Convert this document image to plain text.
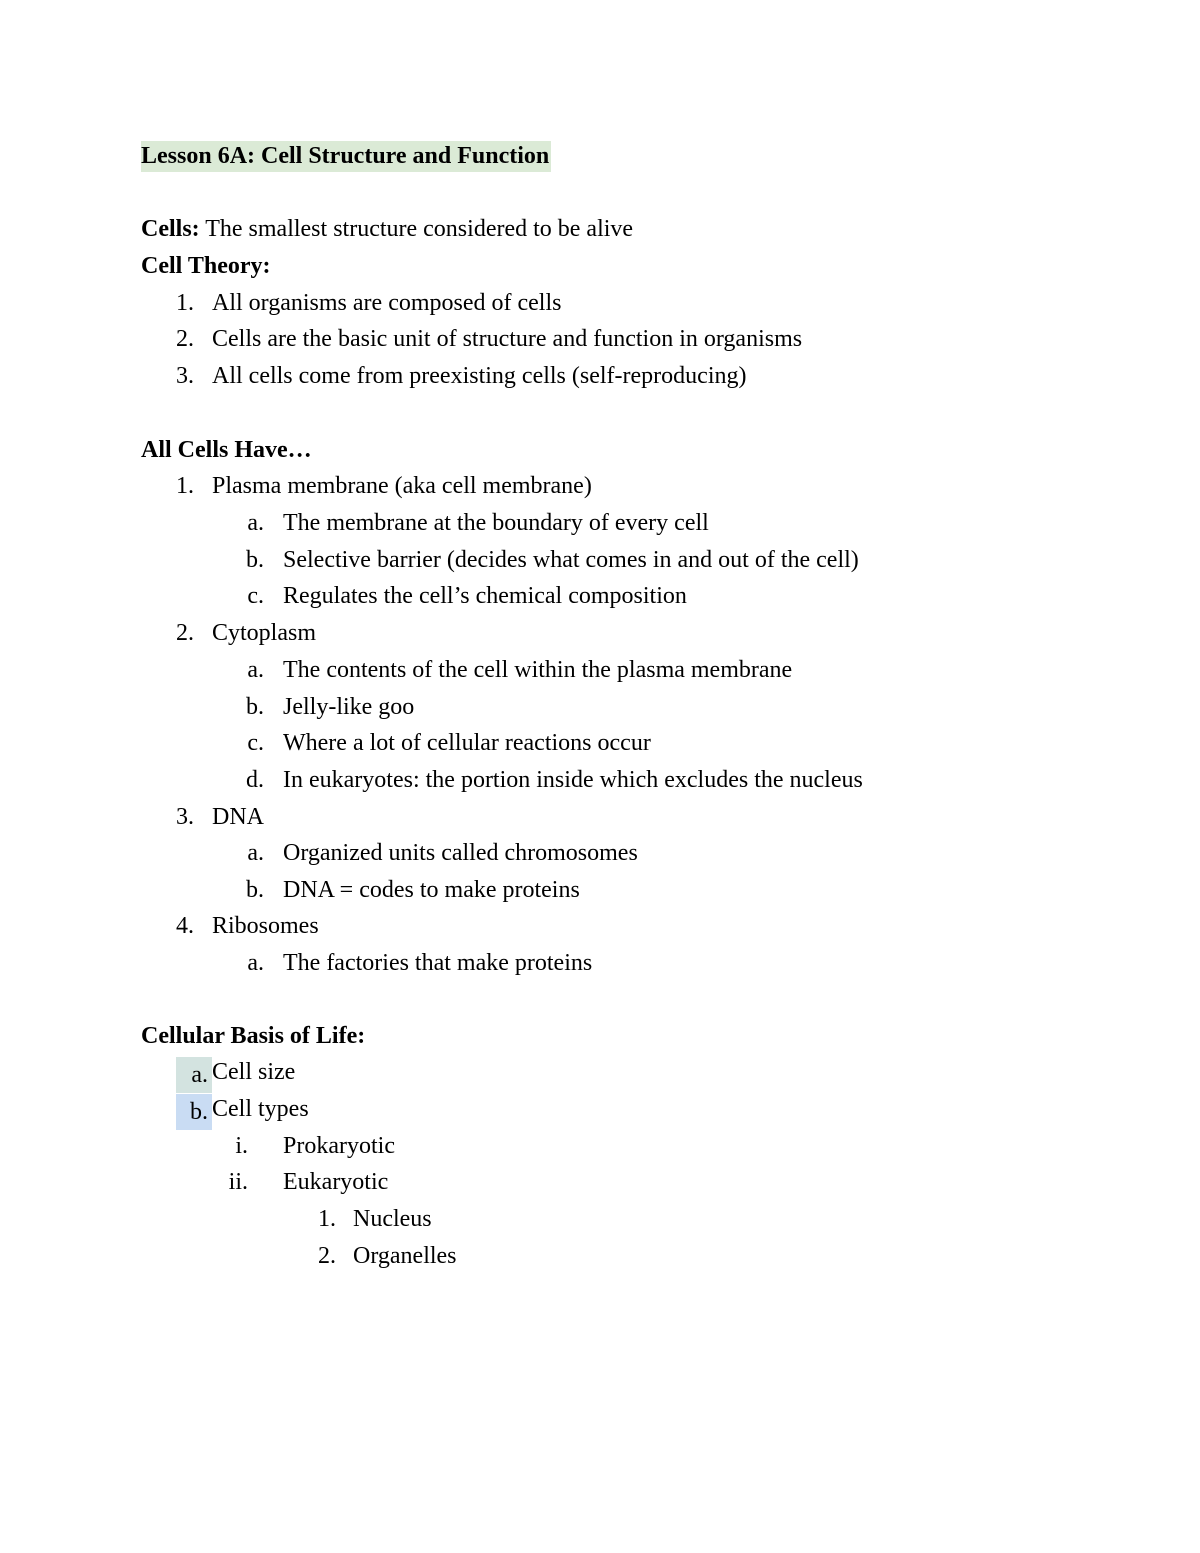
Lesson 6A: Cell Structure and Function
Cells: The smallest structure considered to be alive
Cell Theory:
1. All organisms are composed of cells
2. Cells are the basic unit of structure and function in organisms
3. All cells come from preexisting cells (self-reproducing)
All Cells Have…
1. Plasma membrane (aka cell membrane)
a. The membrane at the boundary of every cell
b. Selective barrier (decides what comes in and out of the cell)
c. Regulates the cell’s chemical composition
2. Cytoplasm
a. The contents of the cell within the plasma membrane
b. Jelly-like goo
c. Where a lot of cellular reactions occur
d. In eukaryotes: the portion inside which excludes the nucleus
3. DNA
a. Organized units called chromosomes
b. DNA = codes to make proteins
4. Ribosomes
a. The factories that make proteins
Cellular Basis of Life:
a. Cell size
b. Cell types
i. Prokaryotic
ii. Eukaryotic
1. Nucleus
2. Organelles
